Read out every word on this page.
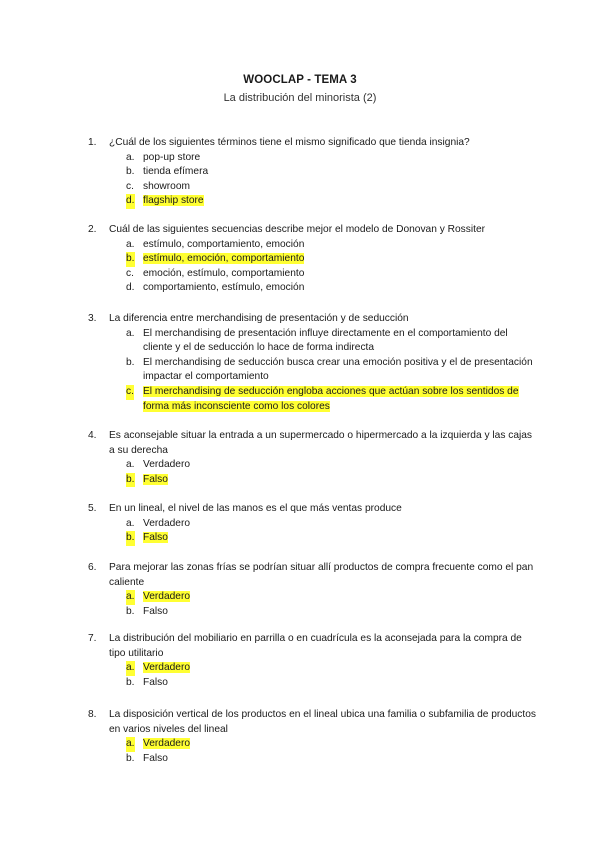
WOOCLAP - TEMA 3
La distribución del minorista (2)
1.	¿Cuál de los siguientes términos tiene el mismo significado que tienda insignia?
a. pop-up store
b. tienda efímera
c. showroom
d. flagship store
2.	Cuál de las siguientes secuencias describe mejor el modelo de Donovan y Rossiter
a. estímulo, comportamiento, emoción
b. estímulo, emoción, comportamiento
c. emoción, estímulo, comportamiento
d. comportamiento, estímulo, emoción
3.	La diferencia entre merchandising de presentación y de seducción
a. El merchandising de presentación influye directamente en el comportamiento del cliente y el de seducción lo hace de forma indirecta
b. El merchandising de seducción busca crear una emoción positiva y el de presentación impactar el comportamiento
c. El merchandising de seducción engloba acciones que actúan sobre los sentidos de forma más inconsciente como los colores
4.	Es aconsejable situar la entrada a un supermercado o hipermercado a la izquierda y las cajas a su derecha
a. Verdadero
b. Falso
5.	En un lineal, el nivel de las manos es el que más ventas produce
a. Verdadero
b. Falso
6.	Para mejorar las zonas frías se podrían situar allí productos de compra frecuente como el pan caliente
a. Verdadero
b. Falso
7.	La distribución del mobiliario en parrilla o en cuadrícula es la aconsejada para la compra de tipo utilitario
a. Verdadero
b. Falso
8.	La disposición vertical de los productos en el lineal ubica una familia o subfamilia de productos en varios niveles del lineal
a. Verdadero
b. Falso
